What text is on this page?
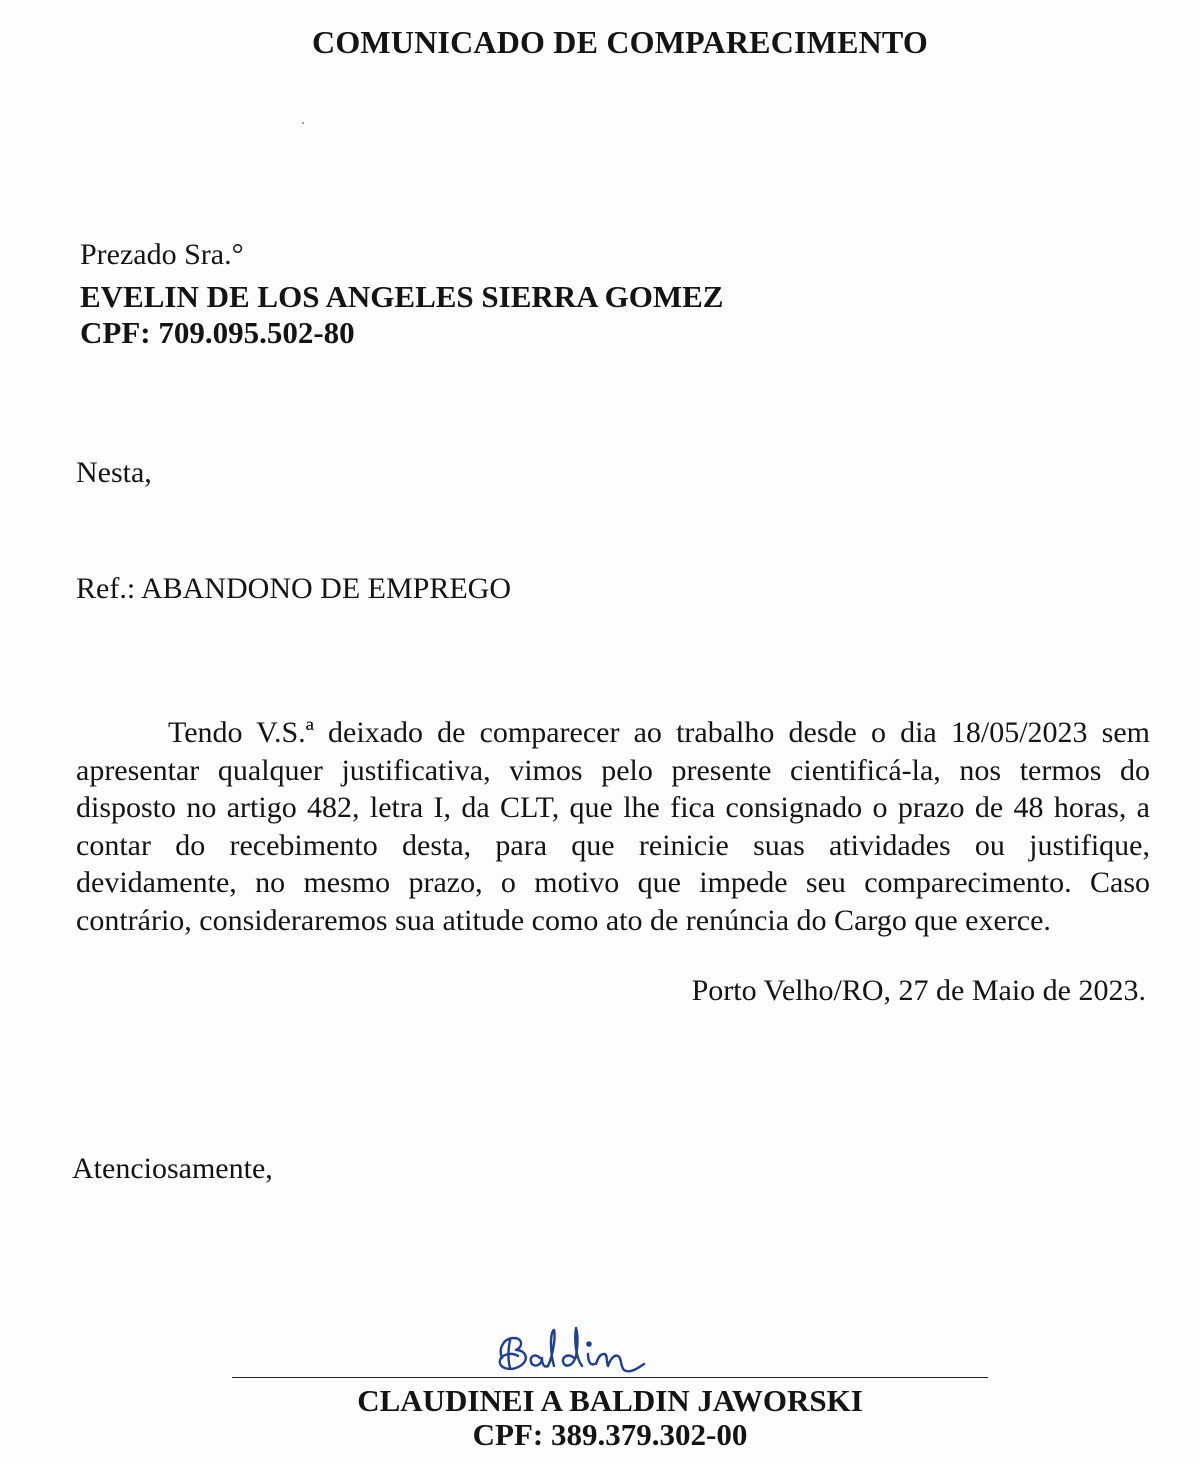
COMUNICADO DE COMPARECIMENTO
Prezado Sra.°
EVELIN DE LOS ANGELES SIERRA GOMEZ
CPF: 709.095.502-80
Nesta,
Ref.: ABANDONO DE EMPREGO
Tendo V.S.ª deixado de comparecer ao trabalho desde o dia 18/05/2023 sem apresentar qualquer justificativa, vimos pelo presente cientificá-la, nos termos do disposto no artigo 482, letra I, da CLT, que lhe fica consignado o prazo de 48 horas, a contar do recebimento desta, para que reinicie suas atividades ou justifique, devidamente, no mesmo prazo, o motivo que impede seu comparecimento. Caso contrário, consideraremos sua atitude como ato de renúncia do Cargo que exerce.
Porto Velho/RO, 27 de Maio de 2023.
Atenciosamente,
CLAUDINEI A BALDIN JAWORSKI
CPF: 389.379.302-00
